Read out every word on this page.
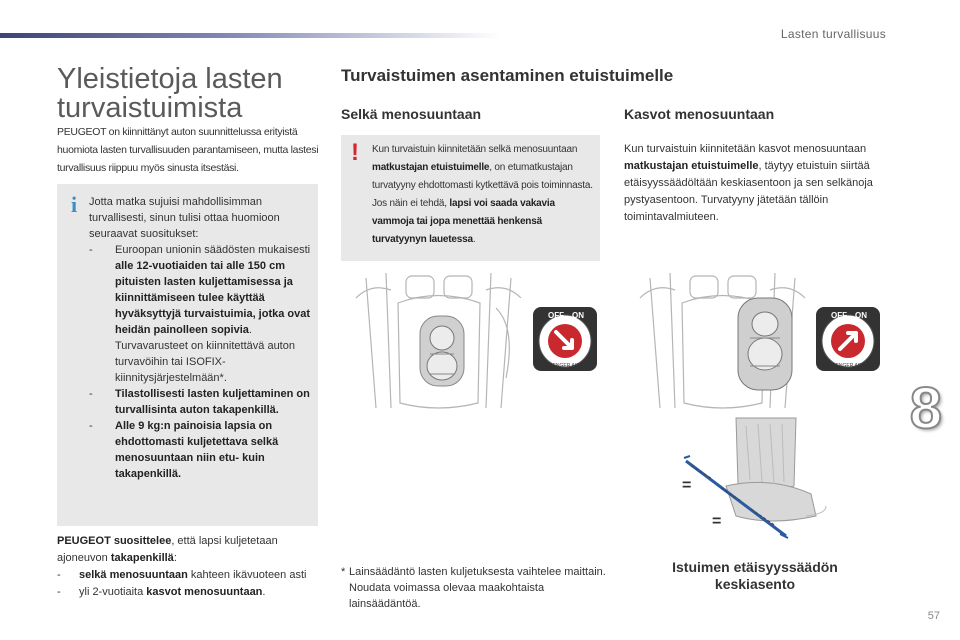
Lasten turvallisuus
8
57
Yleistietoja lasten
turvaistuimista
PEUGEOT on kiinnittänyt auton suunnittelussa erityistä huomiota lasten turvallisuuden parantamiseen, mutta lastesi turvallisuus riippuu myös sinusta itsestäsi.
i Jotta matka sujuisi mahdollisimman turvallisesti, sinun tulisi ottaa huomioon seuraavat suositukset:
-	Euroopan unionin säädösten mukaisesti alle 12-vuotiaiden tai alle 150 cm pituisten lasten kuljettamisessa ja kiinnittämiseen tulee käyttää hyväksyttyjä turvaistuimia, jotka ovat heidän painolleen sopivia. Turvavarusteet on kiinnitettävä auton turvavöihin tai ISOFIX-kiinnitysjärjestelmään*.
-	Tilastollisesti lasten kuljettaminen on turvallisinta auton takapenkillä.
-	Alle 9 kg:n painoisia lapsia on ehdottomasti kuljetettava selkä menosuuntaan niin etu- kuin takapenkillä.
PEUGEOT suosittelee, että lapsi kuljetetaan ajoneuvon takapenkillä:
-	selkä menosuuntaan kahteen ikävuoteen asti
-	yli 2-vuotiaita kasvot menosuuntaan.
Turvaistuimen asentaminen etuistuimelle
Selkä menosuuntaan	Kasvot menosuuntaan
! Kun turvaistuin kiinnitetään selkä menosuuntaan matkustajan etuistuimelle, on etumatkustajan turvatyyny ehdottomasti kytkettävä pois toiminnasta. Jos näin ei tehdä, lapsi voi saada vakavia vammoja tai jopa menettää henkensä turvatyynyn lauetessa.
Kun turvaistuin kiinnitetään kasvot menosuuntaan matkustajan etuistuimelle, täytyy etuistuin siirtää etäisyyssäädöltään keskiasentoon ja sen selkänoja pystyasentoon. Turvatyyny jätetään tällöin toimintavalmiuteen.
OFF ON
PASSENGER AIRBAG
OFF ON
PASSENGER AIRBAG
=
=
* Lainsäädäntö lasten kuljetuksesta vaihtelee maittain. Noudata voimassa olevaa maakohtaista lainsäädäntöä.
Istuimen etäisyyssäädön keskiasento
